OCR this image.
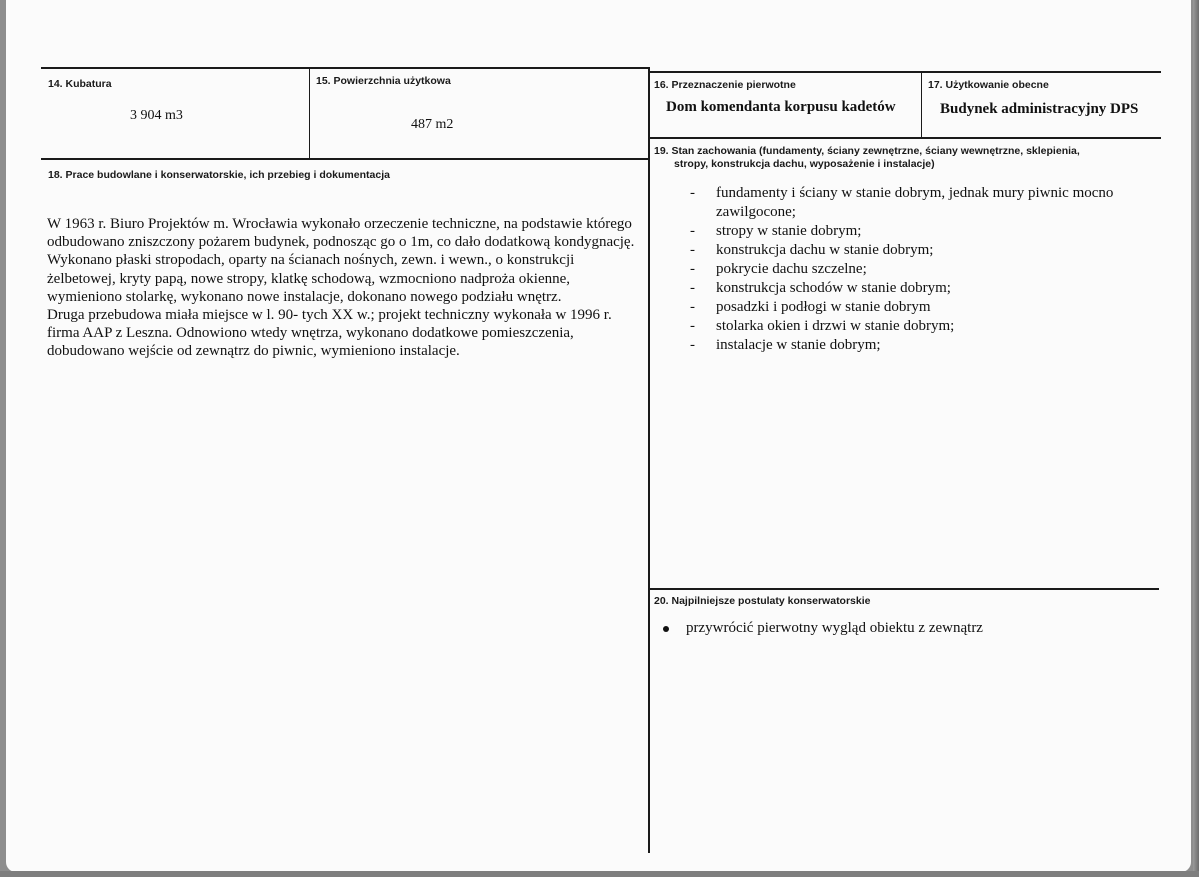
14. Kubatura
3 904 m3
15. Powierzchnia użytkowa
487 m2
16. Przeznaczenie pierwotne
Dom komendanta korpusu kadetów
17. Użytkowanie obecne
Budynek administracyjny DPS
18. Prace budowlane i konserwatorskie, ich przebieg i dokumentacja
W 1963 r. Biuro Projektów m. Wrocławia wykonało orzeczenie techniczne, na podstawie którego odbudowano zniszczony pożarem budynek, podnosząc go o 1m, co dało dodatkową kondygnację. Wykonano płaski stropodach, oparty na ścianach nośnych, zewn. i wewn., o konstrukcji żelbetowej, kryty papą, nowe stropy, klatkę schodową, wzmocniono nadproża okienne, wymieniono stolarkę, wykonano nowe instalacje, dokonano nowego podziału wnętrz.
Druga przebudowa miała miejsce w l. 90- tych XX w.; projekt techniczny wykonała w 1996 r. firma AAP z Leszna. Odnowiono wtedy wnętrza, wykonano dodatkowe pomieszczenia, dobudowano wejście od zewnątrz do piwnic, wymieniono instalacje.
19. Stan zachowania (fundamenty, ściany zewnętrzne, ściany wewnętrzne, sklepienia,
stropy, konstrukcja dachu, wyposażenie i instalacje)
-	fundamenty i ściany w stanie dobrym, jednak mury piwnic mocno zawilgocone;
-	stropy w stanie dobrym;
-	konstrukcja dachu w stanie dobrym;
-	pokrycie dachu szczelne;
-	konstrukcja schodów w stanie dobrym;
-	posadzki i podłogi w stanie dobrym
-	stolarka okien i drzwi w stanie dobrym;
-	instalacje w stanie dobrym;
20. Najpilniejsze postulaty konserwatorskie
przywrócić pierwotny wygląd obiektu z zewnątrz
